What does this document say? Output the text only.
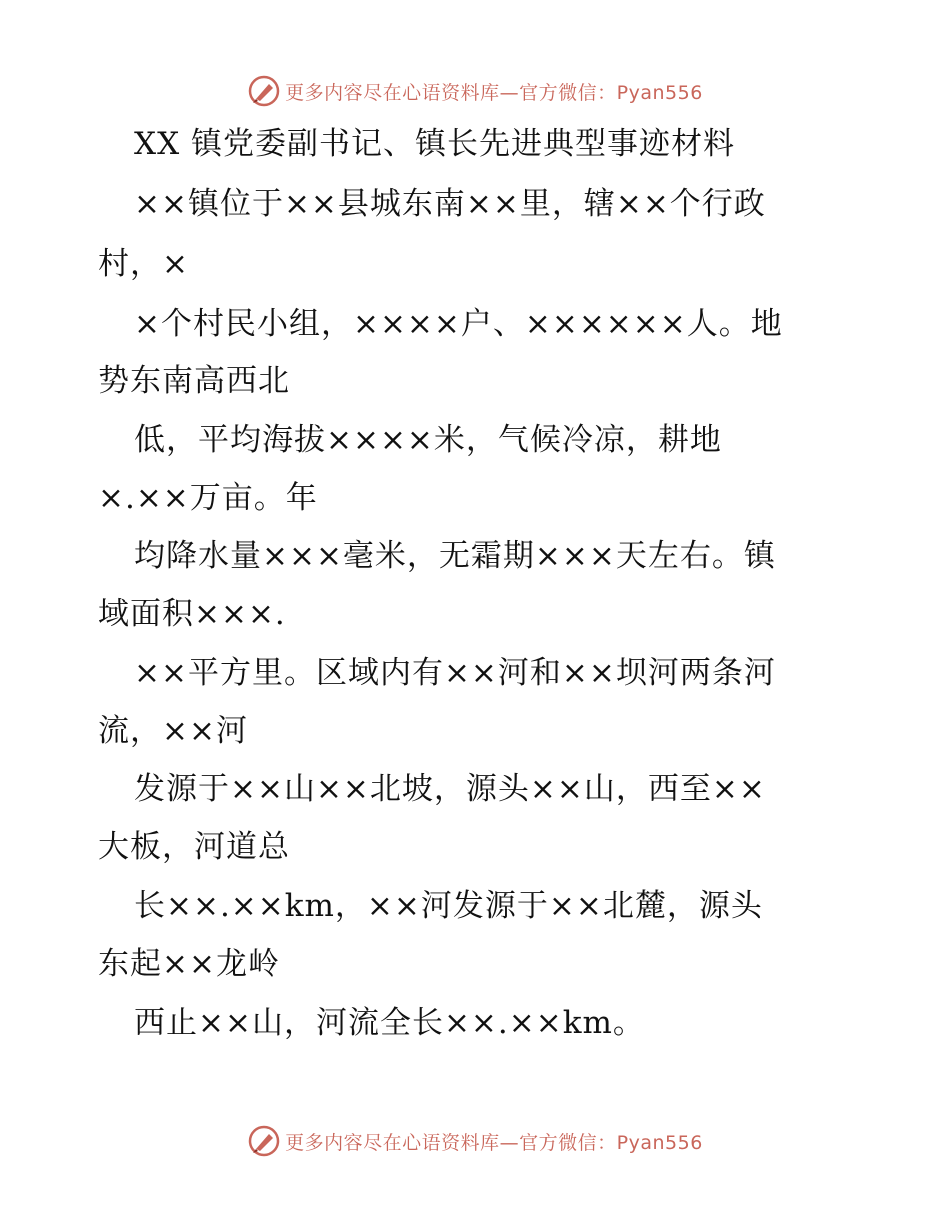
更多内容尽在心语资料库—官方微信：Pyan556
XX 镇党委副书记、镇长先进典型事迹材料
××镇位于××县城东南××里，辖××个行政
村，×
×个村民小组，××××户、××××××人。地
势东南高西北
低，平均海拔××××米，气候冷凉，耕地
×.××万亩。年
均降水量×××毫米，无霜期×××天左右。镇
域面积×××.
××平方里。区域内有××河和××坝河两条河
流，××河
发源于××山××北坡，源头××山，西至××
大板，河道总
长××.××km，××河发源于××北麓，源头
东起××龙岭
西止××山，河流全长××.××km。
更多内容尽在心语资料库—官方微信：Pyan556
